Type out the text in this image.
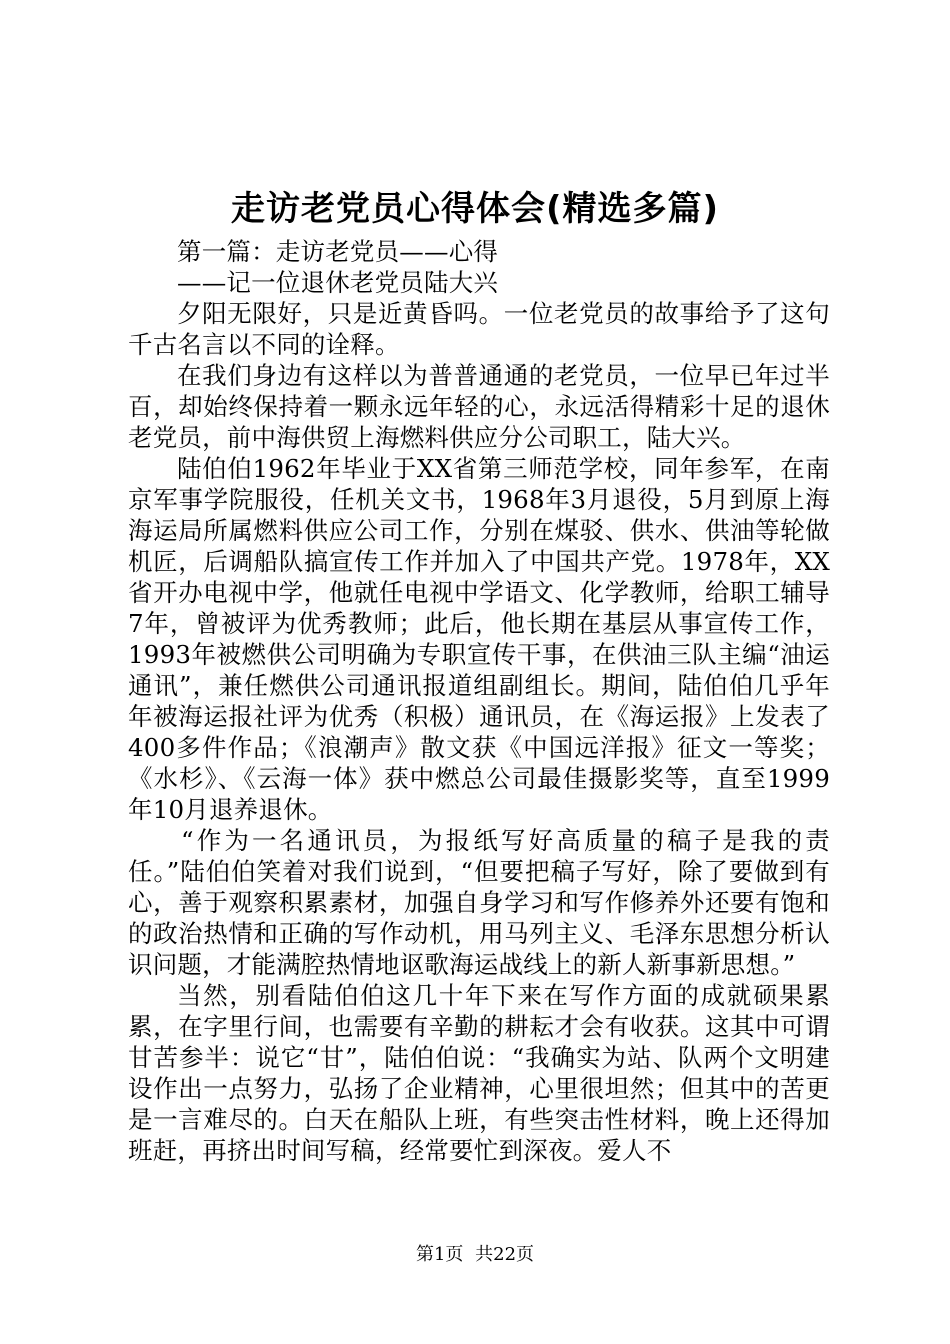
走访老党员心得体会(精选多篇)

第一篇：走访老党员——心得

——记一位退休老党员陆大兴

夕阳无限好，只是近黄昏吗。一位老党员的故事给予了这句千古名言以不同的诠释。

在我们身边有这样以为普普通通的老党员，一位早已年过半百，却始终保持着一颗永远年轻的心，永远活得精彩十足的退休老党员，前中海供贸上海燃料供应分公司职工，陆大兴。

陆伯伯1962年毕业于XX省第三师范学校，同年参军，在南京军事学院服役，任机关文书，1968年3月退役，5月到原上海海运局所属燃料供应公司工作，分别在煤驳、供水、供油等轮做机匠，后调船队搞宣传工作并加入了中国共产党。1978年，XX省开办电视中学，他就任电视中学语文、化学教师，给职工辅导7年，曾被评为优秀教师；此后，他长期在基层从事宣传工作，1993年被燃供公司明确为专职宣传干事，在供油三队主编“油运通讯”，兼任燃供公司通讯报道组副组长。期间，陆伯伯几乎年年被海运报社评为优秀（积极）通讯员，在《海运报》上发表了400多件作品；《浪潮声》散文获《中国远洋报》征文一等奖；《水杉》、《云海一体》获中燃总公司最佳摄影奖等，直至1999年10月退养退休。

“作为一名通讯员，为报纸写好高质量的稿子是我的责任。”陆伯伯笑着对我们说到，“但要把稿子写好，除了要做到有心，善于观察积累素材，加强自身学习和写作修养外还要有饱和的政治热情和正确的写作动机，用马列主义、毛泽东思想分析认识问题，才能满腔热情地讴歌海运战线上的新人新事新思想。”

当然，别看陆伯伯这几十年下来在写作方面的成就硕果累累，在字里行间，也需要有辛勤的耕耘才会有收获。这其中可谓甘苦参半：说它“甘”，陆伯伯说：“我确实为站、队两个文明建设作出一点努力，弘扬了企业精神，心里很坦然；但其中的苦更是一言难尽的。白天在船队上班，有些突击性材料，晚上还得加班赶，再挤出时间写稿，经常要忙到深夜。爱人不

第1页 共22页
